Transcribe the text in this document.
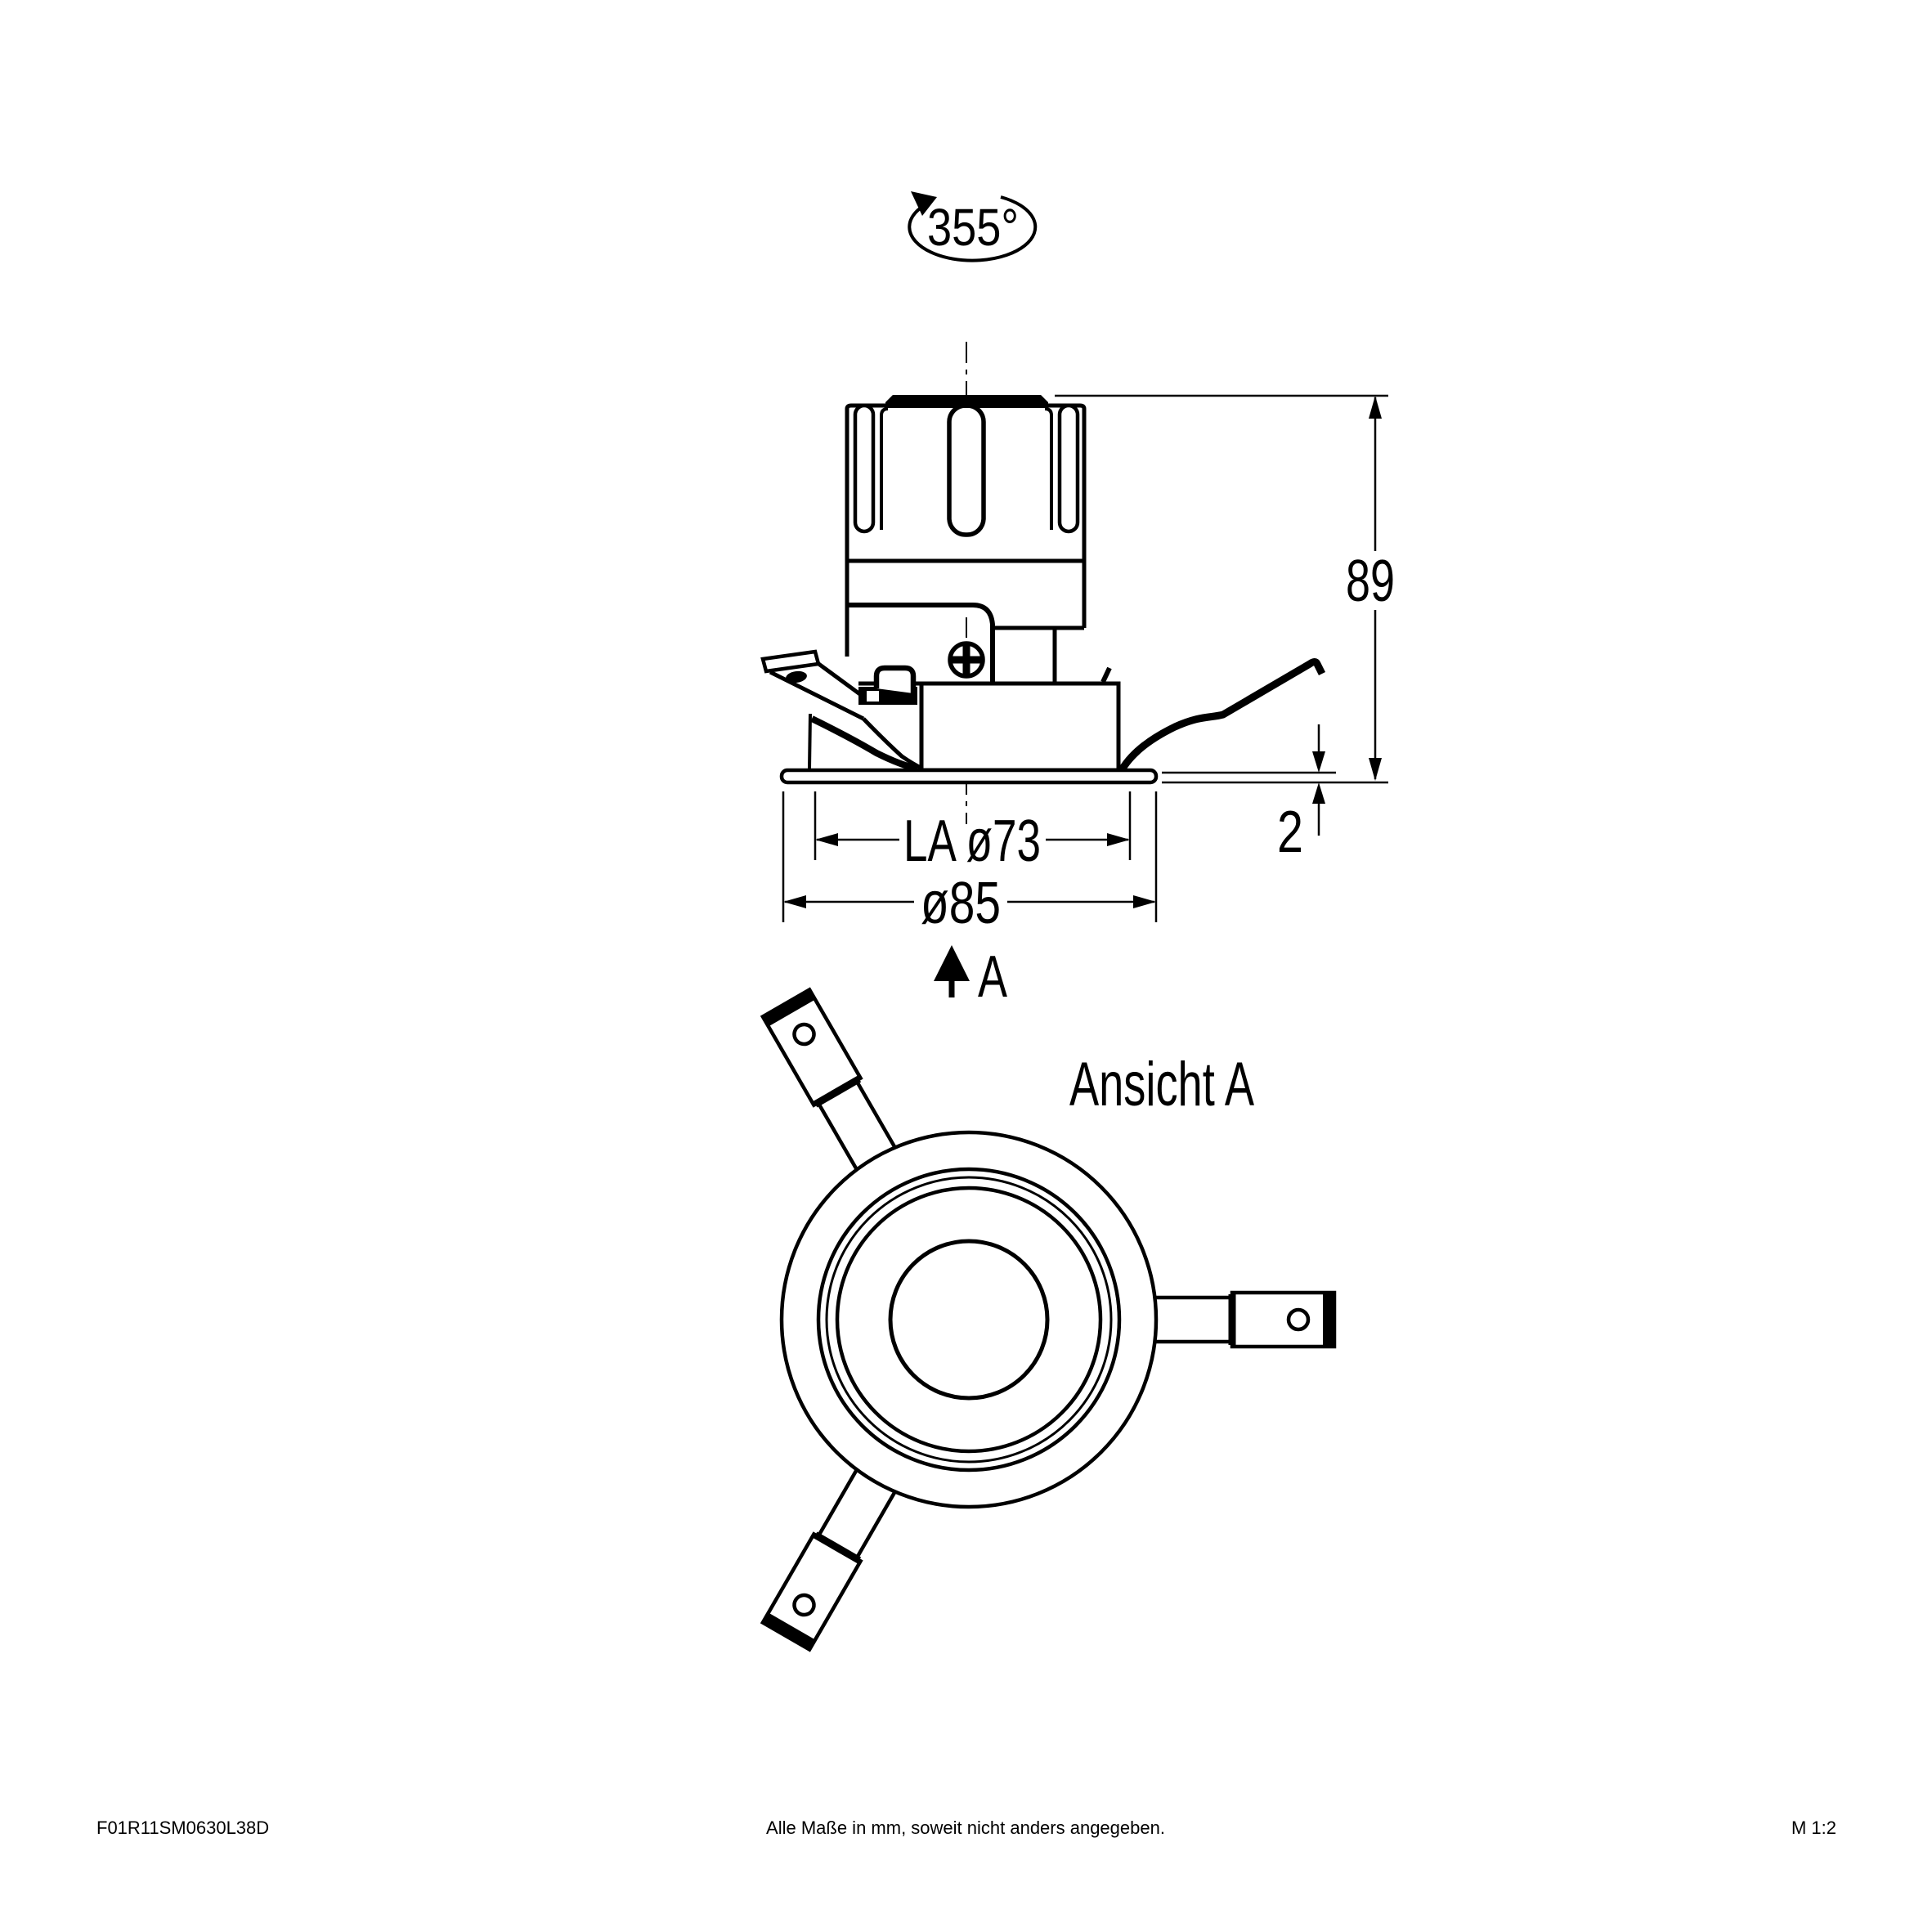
355°
89
2
LA ø73
ø85
A
Ansicht A
F01R11SM0630L38D	Alle Maße in mm, soweit nicht anders angegeben.	M 1:2
